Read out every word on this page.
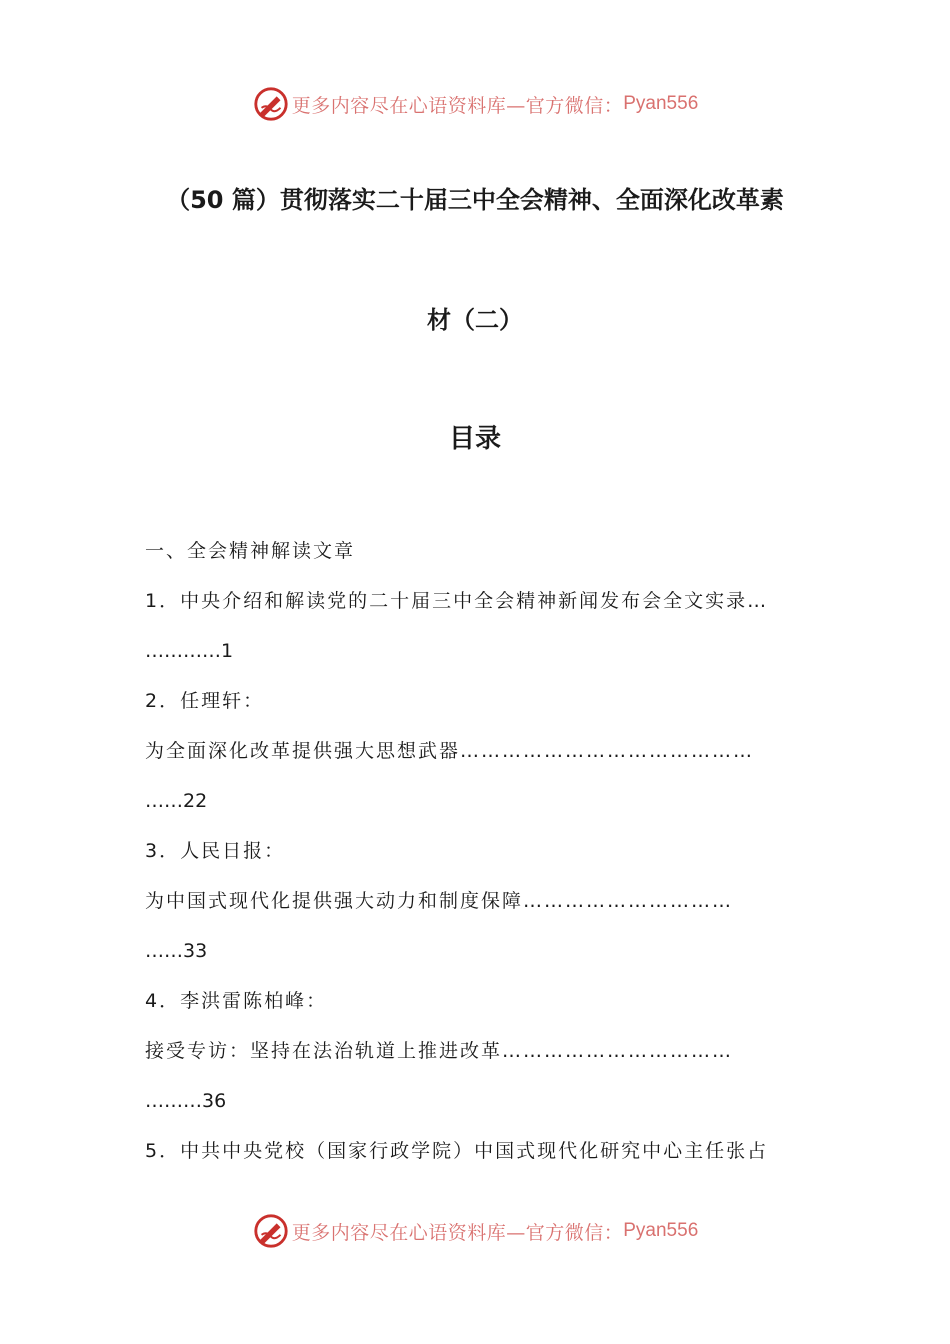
更多内容尽在心语资料库—官方微信： Pyan556
（50 篇）贯彻落实二十届三中全会精神、全面深化改革素
材（二）
目录
一、全会精神解读文章
1．中央介绍和解读党的二十届三中全会精神新闻发布会全文实录…
…………1
2．任理轩：
为全面深化改革提供强大思想武器……………………………………
……22
3．人民日报：
为中国式现代化提供强大动力和制度保障…………………………
……33
4．李洪雷陈柏峰：
接受专访：坚持在法治轨道上推进改革……………………………
………36
5．中共中央党校（国家行政学院）中国式现代化研究中心主任张占
更多内容尽在心语资料库—官方微信： Pyan556
